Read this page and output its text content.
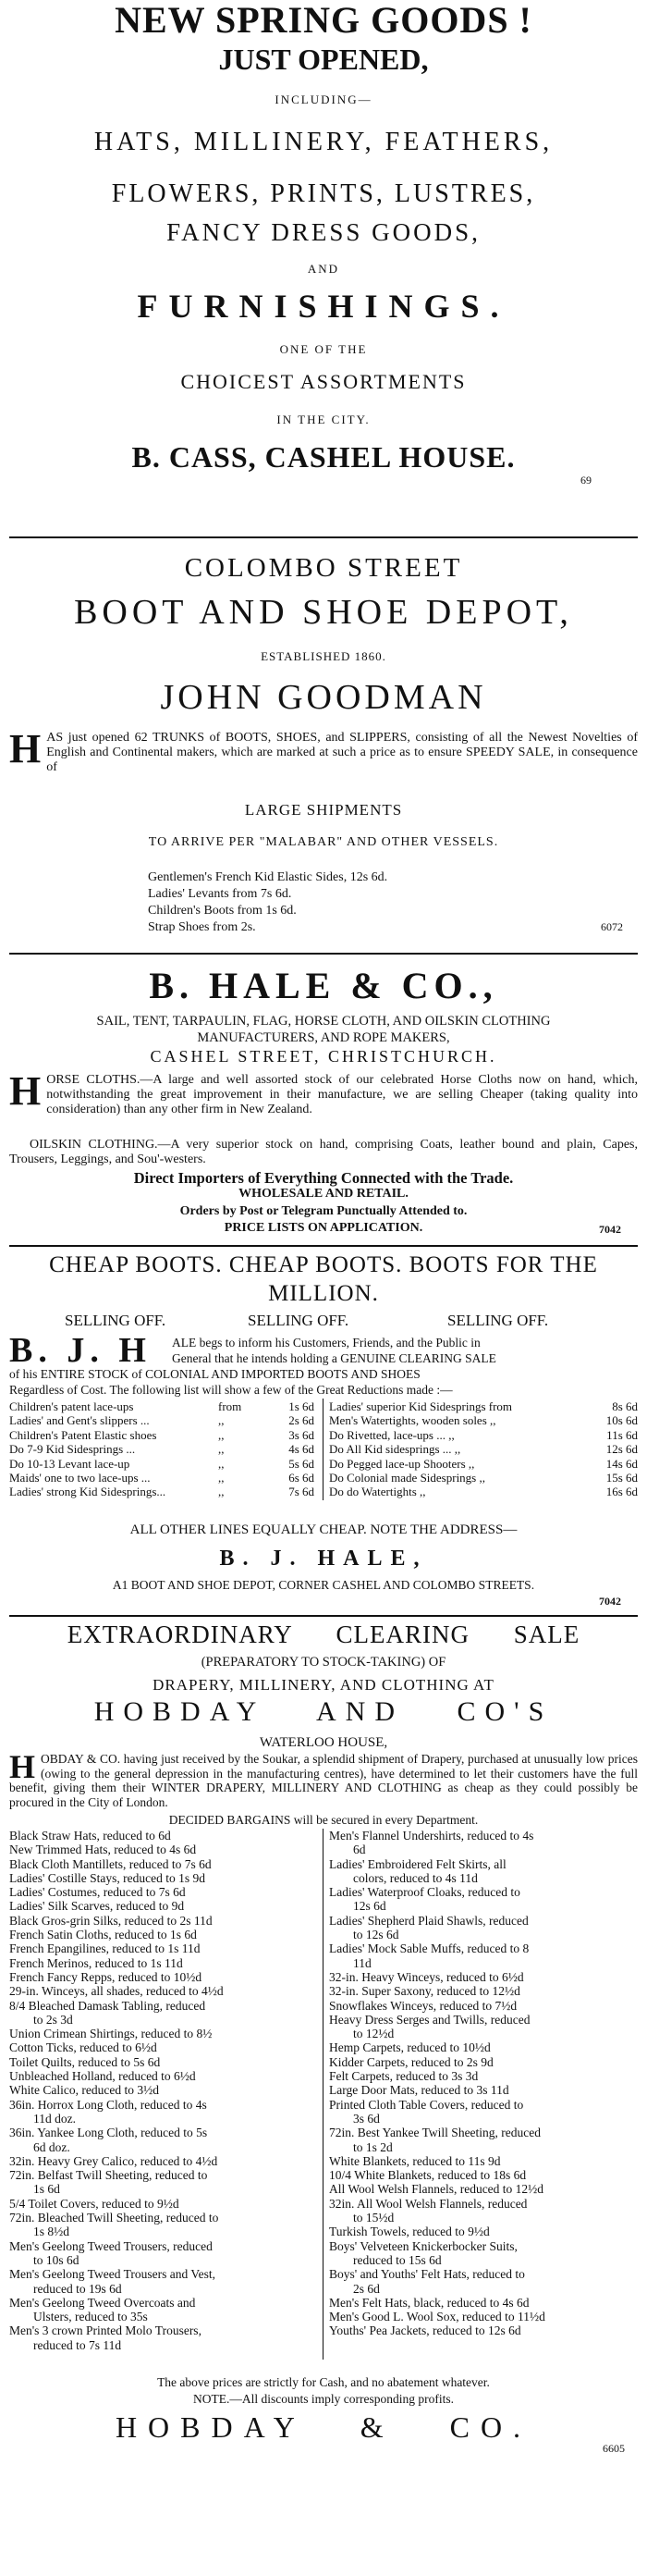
NEW SPRING GOODS !
JUST OPENED,
INCLUDING—
HATS, MILLINERY, FEATHERS,
FLOWERS, PRINTS, LUSTRES,
FANCY DRESS GOODS,
AND
FURNISHINGS.
ONE OF THE
CHOICEST ASSORTMENTS
IN THE CITY.
B. CASS, CASHEL HOUSE.
69
COLOMBO STREET
BOOT AND SHOE DEPOT,
ESTABLISHED 1860.
JOHN GOODMAN
HAS just opened 62 TRUNKS of BOOTS, SHOES, and SLIPPERS, consisting of all the Newest Novelties of English and Continental makers, which are marked at such a price as to ensure SPEEDY SALE, in consequence of
LARGE SHIPMENTS
TO ARRIVE PER "MALABAR" AND OTHER VESSELS.
Gentlemen's French Kid Elastic Sides, 12s 6d.
Ladies' Levants from 7s 6d.
Children's Boots from 1s 6d.
Strap Shoes from 2s.	6072
B. HALE & CO.,
SAIL, TENT, TARPAULIN, FLAG, HORSE CLOTH, AND OILSKIN CLOTHING
MANUFACTURERS, AND ROPE MAKERS,
CASHEL STREET, CHRISTCHURCH.
HORSE CLOTHS.—A large and well assorted stock of our celebrated Horse Cloths now on hand, which, notwithstanding the great improvement in their manufacture, we are selling Cheaper (taking quality into consideration) than any other firm in New Zealand.
OILSKIN CLOTHING.—A very superior stock on hand, comprising Coats, leather bound and plain, Capes, Trousers, Leggings, and Sou'-westers.
Direct Importers of Everything Connected with the Trade.
WHOLESALE AND RETAIL.
Orders by Post or Telegram Punctually Attended to.
PRICE LISTS ON APPLICATION.	7042
CHEAP BOOTS. CHEAP BOOTS. BOOTS FOR THE
MILLION.
SELLING OFF.	SELLING OFF.	SELLING OFF.
B. J. H ALE begs to inform his Customers, Friends, and the Public in
General that he intends holding a GENUINE CLEARING SALE
of his ENTIRE STOCK of COLONIAL AND IMPORTED BOOTS AND SHOES
Regardless of Cost. The following list will show a few of the Great Reductions made :—
Children's patent lace-ups	from	1s 6d
Ladies' and Gent's slippers ...	,,	2s 6d
Children's Patent Elastic shoes	,,	3s 6d
Do 7-9 Kid Sidesprings ...	,,	4s 6d
Do 10-13 Levant lace-up	,,	5s 6d
Maids' one to two lace-ups ...	,,	6s 6d
Ladies' strong Kid Sidesprings...	,,	7s 6d
Ladies' superior Kid Sidesprings from	8s 6d
Men's Watertights, wooden soles ,,	10s 6d
Do Rivetted, lace-ups ... ,,	11s 6d
Do All Kid sidesprings ... ,,	12s 6d
Do Pegged lace-up Shooters ,,	14s 6d
Do Colonial made Sidesprings ,,	15s 6d
Do do Watertights ,,	16s 6d
ALL OTHER LINES EQUALLY CHEAP. NOTE THE ADDRESS—
B. J. HALE,
A1 BOOT AND SHOE DEPOT, CORNER CASHEL AND COLOMBO STREETS.
7042
EXTRAORDINARY CLEARING SALE
(PREPARATORY TO STOCK-TAKING) OF
DRAPERY, MILLINERY, AND CLOTHING AT
HOBDAY AND CO'S
WATERLOO HOUSE,
HOBDAY & CO. having just received by the Soukar, a splendid shipment of Drapery, purchased at unusually low prices (owing to the general depression in the manufacturing centres), have determined to let their customers have the full benefit, giving them their WINTER DRAPERY, MILLINERY AND CLOTHING as cheap as they could possibly be procured in the City of London.
DECIDED BARGAINS will be secured in every Department.
Black Straw Hats, reduced to 6d
New Trimmed Hats, reduced to 4s 6d
Black Cloth Mantillets, reduced to 7s 6d
Ladies' Costille Stays, reduced to 1s 9d
Ladies' Costumes, reduced to 7s 6d
Ladies' Silk Scarves, reduced to 9d
Black Gros-grin Silks, reduced to 2s 11d
French Satin Cloths, reduced to 1s 6d
French Epangilines, reduced to 1s 11d
French Merinos, reduced to 1s 11d
French Fancy Repps, reduced to 10½d
29-in. Winceys, all shades, reduced to 4½d
8/4 Bleached Damask Tabling, reduced
to 2s 3d
Union Crimean Shirtings, reduced to 8½
Cotton Ticks, reduced to 6½d
Toilet Quilts, reduced to 5s 6d
Unbleached Holland, reduced to 6½d
White Calico, reduced to 3½d
36in. Horrox Long Cloth, reduced to 4s
11d doz.
36in. Yankee Long Cloth, reduced to 5s
6d doz.
32in. Heavy Grey Calico, reduced to 4½d
72in. Belfast Twill Sheeting, reduced to
1s 6d
5/4 Toilet Covers, reduced to 9½d
72in. Bleached Twill Sheeting, reduced to
1s 8½d
Men's Geelong Tweed Trousers, reduced
to 10s 6d
Men's Geelong Tweed Trousers and Vest,
reduced to 19s 6d
Men's Geelong Tweed Overcoats and
Ulsters, reduced to 35s
Men's 3 crown Printed Molo Trousers,
reduced to 7s 11d
Men's Flannel Undershirts, reduced to 4s
6d
Ladies' Embroidered Felt Skirts, all
colors, reduced to 4s 11d
Ladies' Waterproof Cloaks, reduced to
12s 6d
Ladies' Shepherd Plaid Shawls, reduced
to 12s 6d
Ladies' Mock Sable Muffs, reduced to 8
11d
32-in. Heavy Winceys, reduced to 6½d
32-in. Super Saxony, reduced to 12½d
Snowflakes Winceys, reduced to 7½d
Heavy Dress Serges and Twills, reduced
to 12½d
Hemp Carpets, reduced to 10½d
Kidder Carpets, reduced to 2s 9d
Felt Carpets, reduced to 3s 3d
Large Door Mats, reduced to 3s 11d
Printed Cloth Table Covers, reduced to
3s 6d
72in. Best Yankee Twill Sheeting, reduced
to 1s 2d
White Blankets, reduced to 11s 9d
10/4 White Blankets, reduced to 18s 6d
All Wool Welsh Flannels, reduced to 12½d
32in. All Wool Welsh Flannels, reduced
to 15½d
Turkish Towels, reduced to 9½d
Boys' Velveteen Knickerbocker Suits,
reduced to 15s 6d
Boys' and Youths' Felt Hats, reduced to
2s 6d
Men's Felt Hats, black, reduced to 4s 6d
Men's Good L. Wool Sox, reduced to 11½d
Youths' Pea Jackets, reduced to 12s 6d
The above prices are strictly for Cash, and no abatement whatever.
NOTE.—All discounts imply corresponding profits.
HOBDAY & CO.
6605
